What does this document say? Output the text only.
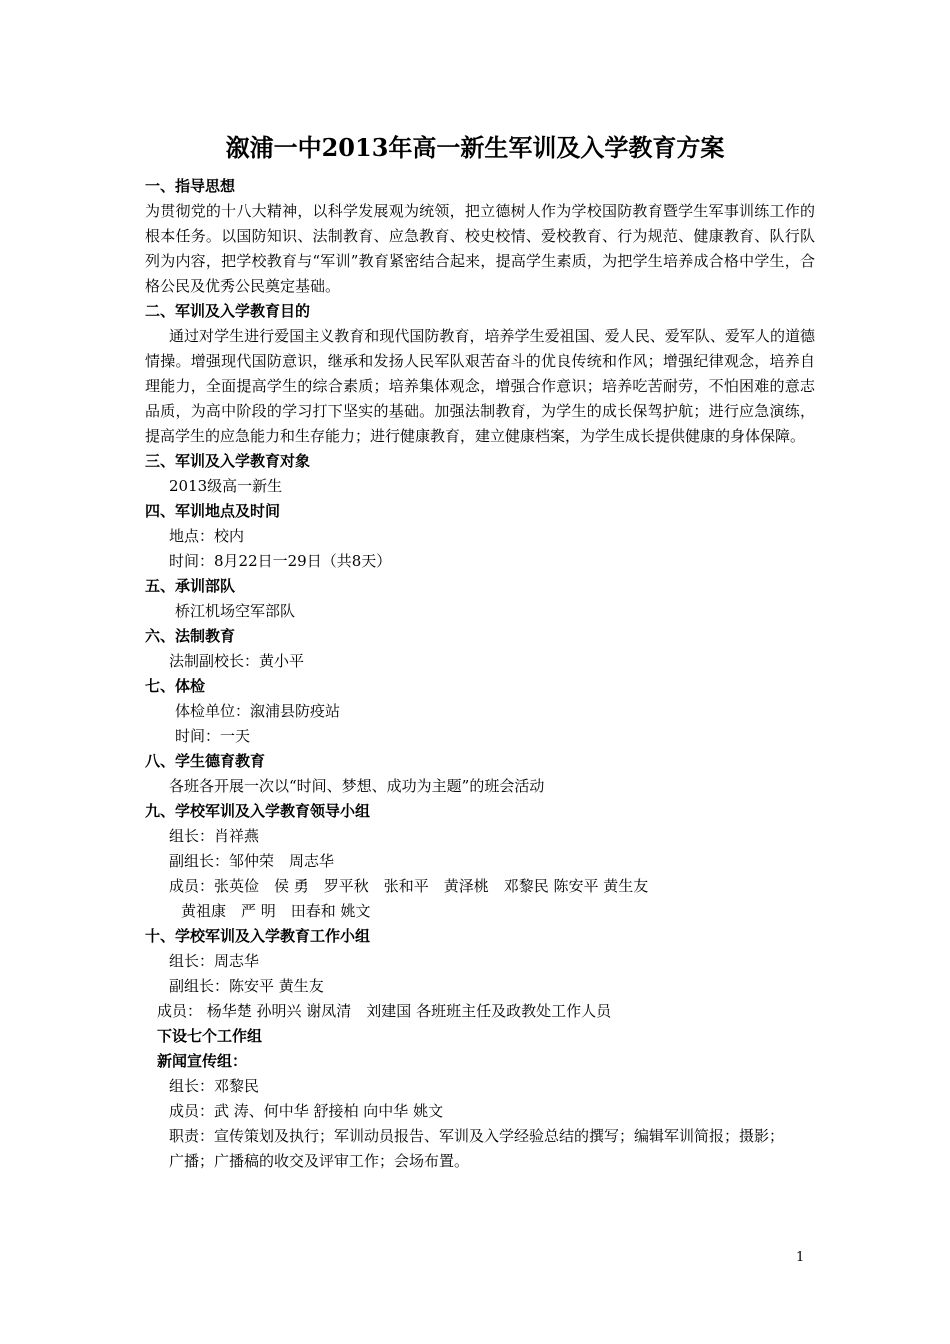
溆浦一中2013年高一新生军训及入学教育方案
一、指导思想
为贯彻党的十八大精神，以科学发展观为统领，把立德树人作为学校国防教育暨学生军事训练工作的根本任务。以国防知识、法制教育、应急教育、校史校情、爱校教育、行为规范、健康教育、队行队列为内容，把学校教育与“军训”教育紧密结合起来，提高学生素质，为把学生培养成合格中学生，合格公民及优秀公民奠定基础。
二、军训及入学教育目的
通过对学生进行爱国主义教育和现代国防教育，培养学生爱祖国、爱人民、爱军队、爱军人的道德情操。增强现代国防意识，继承和发扬人民军队艰苦奋斗的优良传统和作风；增强纪律观念，培养自理能力，全面提高学生的综合素质；培养集体观念，增强合作意识；培养吃苦耐劳，不怕困难的意志品质，为高中阶段的学习打下坚实的基础。加强法制教育，为学生的成长保驾护航；进行应急演练，提高学生的应急能力和生存能力；进行健康教育，建立健康档案，为学生成长提供健康的身体保障。
三、军训及入学教育对象
2013级高一新生
四、军训地点及时间
地点：校内
时间：8月22日一29日（共8天）
五、承训部队
桥江机场空军部队
六、法制教育
法制副校长：黄小平
七、体检
体检单位：溆浦县防疫站
时间：一天
八、学生德育教育
各班各开展一次以“时间、梦想、成功为主题”的班会活动
九、学校军训及入学教育领导小组
组长：肖祥燕
副组长：邹仲荣　周志华
成员：张英俭　侯 勇　罗平秋　张和平　黄泽桃　邓黎民 陈安平 黄生友
黄祖康　严 明　田春和 姚文
十、学校军训及入学教育工作小组
组长：周志华
副组长：陈安平 黄生友
成员： 杨华楚 孙明兴 谢凤清　刘建国 各班班主任及政教处工作人员
下设七个工作组
新闻宣传组：
组长：邓黎民
成员：武 涛、何中华 舒接柏 向中华 姚文
职责：宣传策划及执行；军训动员报告、军训及入学经验总结的撰写；编辑军训简报；摄影；
广播；广播稿的收交及评审工作；会场布置。
1
